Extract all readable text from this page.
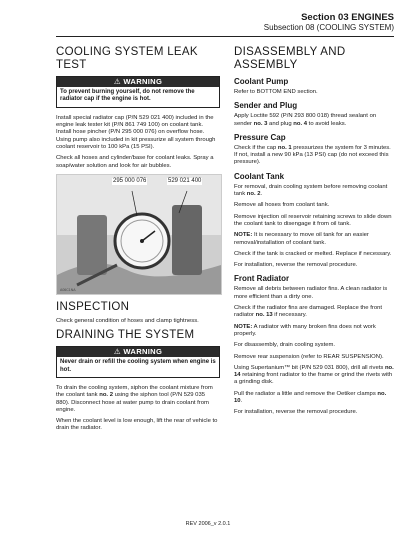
Section 03 ENGINES
Subsection 08 (COOLING SYSTEM)
COOLING SYSTEM LEAK TEST
⚠ WARNING
To prevent burning yourself, do not remove the radiator cap if the engine is hot.

Install special radiator cap (P/N 529 021 400) included in the engine leak tester kit (P/N 861 749 100) on coolant tank. Install hose pincher (P/N 295 000 076) on overflow hose. Using pump also included in kit pressurize all system through coolant reservoir to 100 kPa (15 PSI).

Check all hoses and cylinder/base for coolant leaks. Spray a soap/water solution and look for air bubbles.

295 000 076	529 021 400
A06C1NA
INSPECTION

Check general condition of hoses and clamp tightness.

DRAINING THE SYSTEM
⚠ WARNING
Never drain or refill the cooling system when engine is hot.

To drain the cooling system, siphon the coolant mixture from the coolant tank no. 2 using the siphon tool (P/N 529 035 880). Disconnect hose at water pump to drain coolant from engine.

When the coolant level is low enough, lift the rear of vehicle to drain the radiator.

DISASSEMBLY AND ASSEMBLY
Coolant Pump

Refer to BOTTOM END section.

Sender and Plug

Apply Loctite 592 (P/N 293 800 018) thread sealant on sender no. 3 and plug no. 4 to avoid leaks.

Pressure Cap

Check if the cap no. 1 pressurizes the system for 3 minutes. If not, install a new 90 kPa (13 PSI) cap (do not exceed this pressure).

Coolant Tank

For removal, drain cooling system before removing coolant tank no. 2.

Remove all hoses from coolant tank.

Remove injection oil reservoir retaining screws to slide down the coolant tank to disengage it from oil tank.

NOTE: It is necessary to move oil tank for an easier removal/installation of coolant tank.

Check if the tank is cracked or melted. Replace if necessary.

For installation, reverse the removal procedure.

Front Radiator

Remove all debris between radiator fins. A clean radiator is more efficient than a dirty one.

Check if the radiator fins are damaged. Replace the front radiator no. 13 if necessary.

NOTE: A radiator with many broken fins does not work properly.

For disassembly, drain cooling system.

Remove rear suspension (refer to REAR SUSPENSION).

Using Supertanium™ bit (P/N 529 031 800), drill all rivets no. 14 retaining front radiator to the frame or grind the rivets with a grinding disk.

Pull the radiator a little and remove the Oetiker clamps no. 10.

For installation, reverse the removal procedure.

REV 2006_v 2.0.1
